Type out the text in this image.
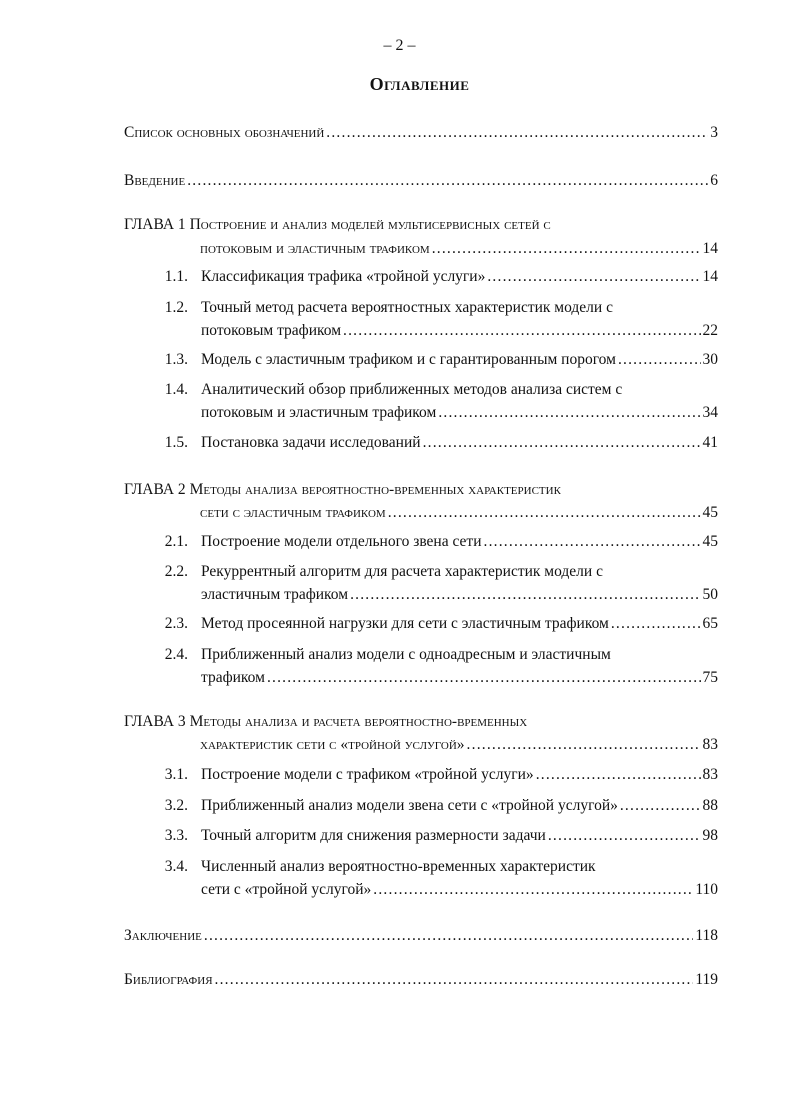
– 2 –
Оглавление
Список основных обозначений .....	3
Введение .....	6
ГЛАВА 1 Построение и анализ моделей мультисервисных сетей с
потоковым и эластичным трафиком .....	14
1.1. Классификация трафика «тройной услуги» .....	14
1.2. Точный метод расчета вероятностных характеристик модели с
потоковым трафиком .....	22
1.3. Модель с эластичным трафиком и с гарантированным порогом .....	30
1.4. Аналитический обзор приближенных методов анализа систем с
потоковым и эластичным трафиком .....	34
1.5. Постановка задачи исследований .....	41
ГЛАВА 2 Методы анализа вероятностно-временных характеристик
сети с эластичным трафиком .....	45
2.1. Построение модели отдельного звена сети .....	45
2.2. Рекуррентный алгоритм для расчета характеристик модели с
эластичным трафиком .....	50
2.3. Метод просеянной нагрузки для сети с эластичным трафиком .....	65
2.4. Приближенный анализ модели с одноадресным и эластичным
трафиком .....	75
ГЛАВА 3 Методы анализа и расчета вероятностно-временных
характеристик сети с «тройной услугой» .....	83
3.1. Построение модели с трафиком «тройной услуги» .....	83
3.2. Приближенный анализ модели звена сети с «тройной услугой» .....	88
3.3. Точный алгоритм для снижения размерности задачи .....	98
3.4. Численный анализ вероятностно-временных характеристик
сети с «тройной услугой» .....	110
Заключение .....	118
Библиография .....	119
